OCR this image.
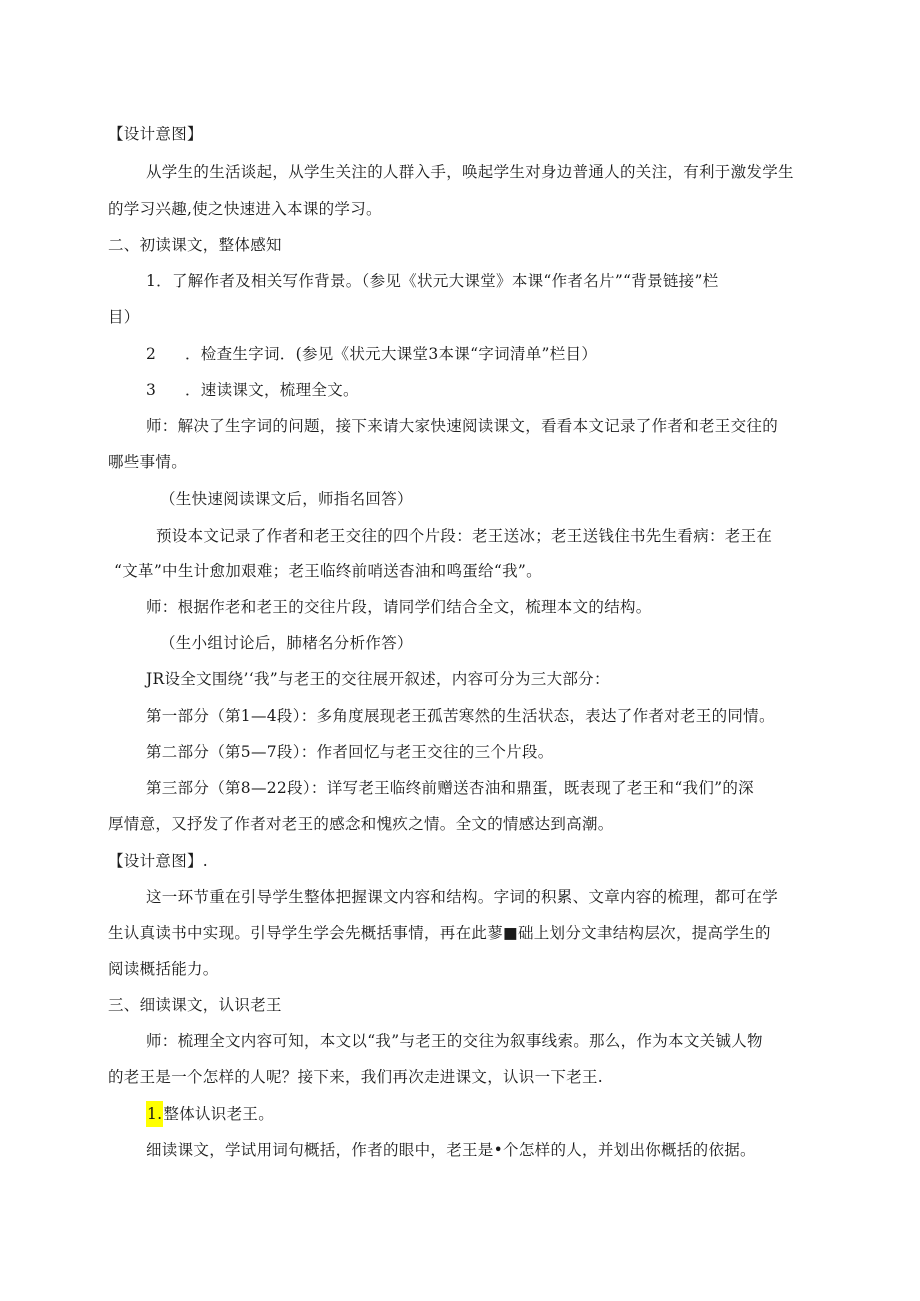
【设计意图】
从学生的生活谈起，从学生关注的人群入手，唤起学生对身边普通人的关注，有利于激发学生
的学习兴趣,使之快速进入本课的学习。
二、初读课文，整体感知
1．了解作者及相关写作背景。（参见《状元大课堂》本课“作者名片”“背景链接”栏
目）
2 ．检查生字词．(参见《状元大课堂3本课“字词清单”栏目）
3 ．速读课文，梳理全文。
师：解决了生字词的问题，接下来请大家快速阅读课文，看看本文记录了作者和老王交往的
哪些事情。
（生快速阅读课文后，师指名回答）
预设本文记录了作者和老王交往的四个片段：老王送冰；老王送钱住书先生看病：老王在
“文革”中生计愈加艰难；老王临终前哨送杳油和鸣蛋给“我”。
师：根据作老和老王的交往片段，请同学们结合全文，梳理本文的结构。
（生小组讨论后，肺楮名分析作答）
JR设全文围绕’‘我”与老王的交往展开叙述，内容可分为三大部分：
第一部分（第1—4段）：多角度展现老王孤苦寒然的生活状态，表达了作者对老王的同情。
第二部分（第5—7段）：作者回忆与老王交往的三个片段。
第三部分（第8—22段）：详写老王临终前赠送杏油和鼎蛋，既表现了老王和“我们”的深
厚情意，又抒发了作者对老王的感念和愧疚之情。全文的情感达到高潮。
【设计意图】.
这一环节重在引导学生整体把握课文内容和结构。字词的积累、文章内容的梳理，都可在学
生认真读书中实现。引导学生学会先概括事情，再在此蓼■础上划分文聿结构层次，提高学生的
阅读概括能力。
三、细读课文，认识老王
师：梳理全文内容可知，本文以“我”与老王的交往为叙事线索。那么，作为本文关铖人物
的老王是一个怎样的人呢？接下来，我们再次走进课文，认识一下老王.
1.整体认识老王。
细读课文，学试用词句概括，作者的眼中，老王是•个怎样的人，并划出你概括的依据。
